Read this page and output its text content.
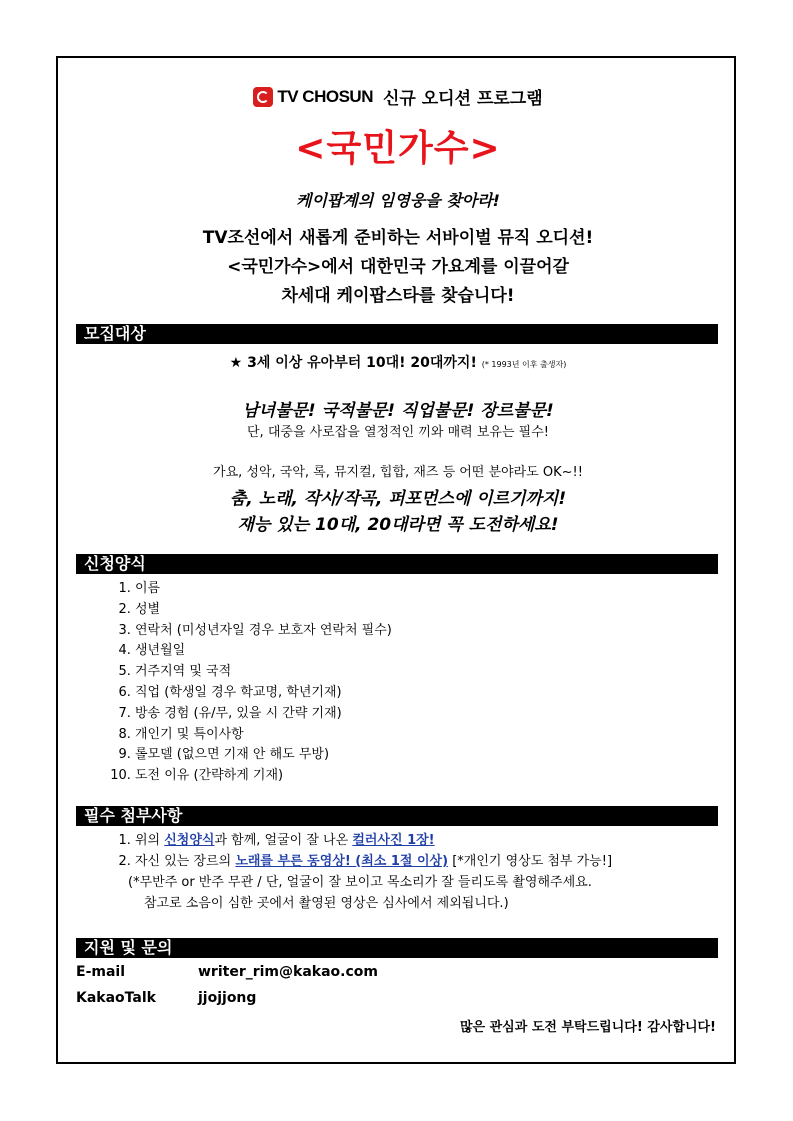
TV CHOSUN 신규 오디션 프로그램
<국민가수>
케이팝계의 임영웅을 찾아라!
TV조선에서 새롭게 준비하는 서바이벌 뮤직 오디션!
<국민가수>에서 대한민국 가요계를 이끌어갈
차세대 케이팝스타를 찾습니다!
모집대상
★ 3세 이상 유아부터 10대! 20대까지! (* 1993년 이후 출생자)
남녀불문! 국적불문! 직업불문! 장르불문!
단, 대중을 사로잡을 열정적인 끼와 매력 보유는 필수!
가요, 성악, 국악, 록, 뮤지컬, 힙합, 재즈 등 어떤 분야라도 OK~!!
춤, 노래, 작사/작곡, 퍼포먼스에 이르기까지!
재능 있는 10대, 20대라면 꼭 도전하세요!
신청양식
1. 이름
2. 성별
3. 연락처 (미성년자일 경우 보호자 연락처 필수)
4. 생년월일
5. 거주지역 및 국적
6. 직업 (학생일 경우 학교명, 학년기재)
7. 방송 경험 (유/무, 있을 시 간략 기재)
8. 개인기 및 특이사항
9. 롤모델 (없으면 기재 안 해도 무방)
10. 도전 이유 (간략하게 기재)
필수 첨부사항
1. 위의 신청양식과 함께, 얼굴이 잘 나온 컬러사진 1장!
2. 자신 있는 장르의 노래를 부른 동영상! (최소 1절 이상) [*개인기 영상도 첨부 가능!]
(*무반주 or 반주 무관 / 단, 얼굴이 잘 보이고 목소리가 잘 들리도록 촬영해주세요.
참고로 소음이 심한 곳에서 촬영된 영상은 심사에서 제외됩니다.)
지원 및 문의
E-mail	writer_rim@kakao.com
KakaoTalk	jjojjong
많은 관심과 도전 부탁드립니다! 감사합니다!
